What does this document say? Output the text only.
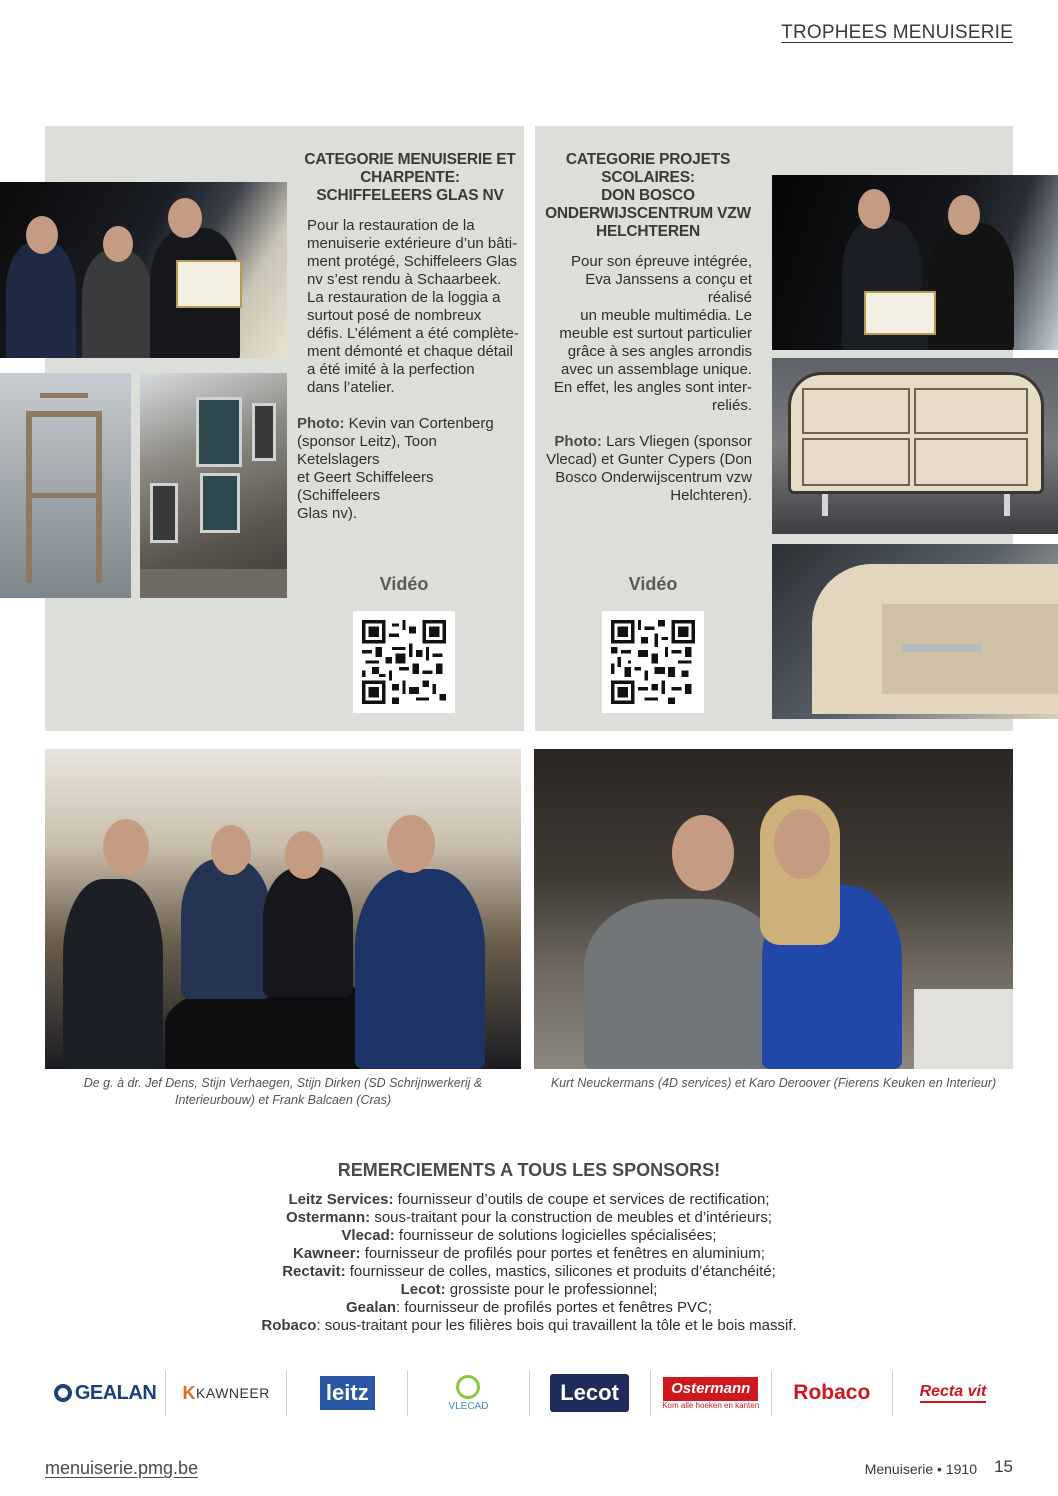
TROPHEES MENUISERIE
CATEGORIE MENUISERIE ET
CHARPENTE:
SCHIFFELEERS GLAS NV

Pour la restauration de la
menuiserie extérieure d’un bâti-
ment protégé, Schiffeleers Glas
nv s’est rendu à Schaarbeek.
La restauration de la loggia a
surtout posé de nombreux
défis. L’élément a été complète-
ment démonté et chaque détail
a été imité à la perfection
dans l’atelier.

Photo: Kevin van Cortenberg
(sponsor Leitz), Toon Ketelslagers
et Geert Schiffeleers (Schiffeleers
Glas nv).

Vidéo
CATEGORIE PROJETS
SCOLAIRES:
DON BOSCO
ONDERWIJSCENTRUM VZW
HELCHTEREN

Pour son épreuve intégrée,
Eva Janssens a conçu et réalisé
un meuble multimédia. Le
meuble est surtout particulier
grâce à ses angles arrondis
avec un assemblage unique.
En effet, les angles sont inter-
reliés.

Photo: Lars Vliegen (sponsor
Vlecad) et Gunter Cypers (Don
Bosco Onderwijscentrum vzw
Helchteren).

Vidéo
De g. à dr. Jef Dens, Stijn Verhaegen, Stijn Dirken (SD Schrijnwerkerij &
Interieurbouw) et Frank Balcaen (Cras)
Kurt Neuckermans (4D services) et Karo Deroover (Fierens Keuken en Interieur)
REMERCIEMENTS A TOUS LES SPONSORS!
Leitz Services: fournisseur d’outils de coupe et services de rectification;
Ostermann: sous-traitant pour la construction de meubles et d’intérieurs;
Vlecad: fournisseur de solutions logicielles spécialisées;
Kawneer: fournisseur de profilés pour portes et fenêtres en aluminium;
Rectavit: fournisseur de colles, mastics, silicones et produits d’étanchéité;
Lecot: grossiste pour le professionnel;
Gealan: fournisseur de profilés portes et fenêtres PVC;
Robaco: sous-traitant pour les filières bois qui travaillent la tôle et le bois massif.
GEALAN K KAWNEER	leitz
VLECAD
Lecot	Ostermann
Kom alle hoeken en kanten
Robaco	Recta vit
menuiserie.pmg.be	Menuiserie • 1910 15
